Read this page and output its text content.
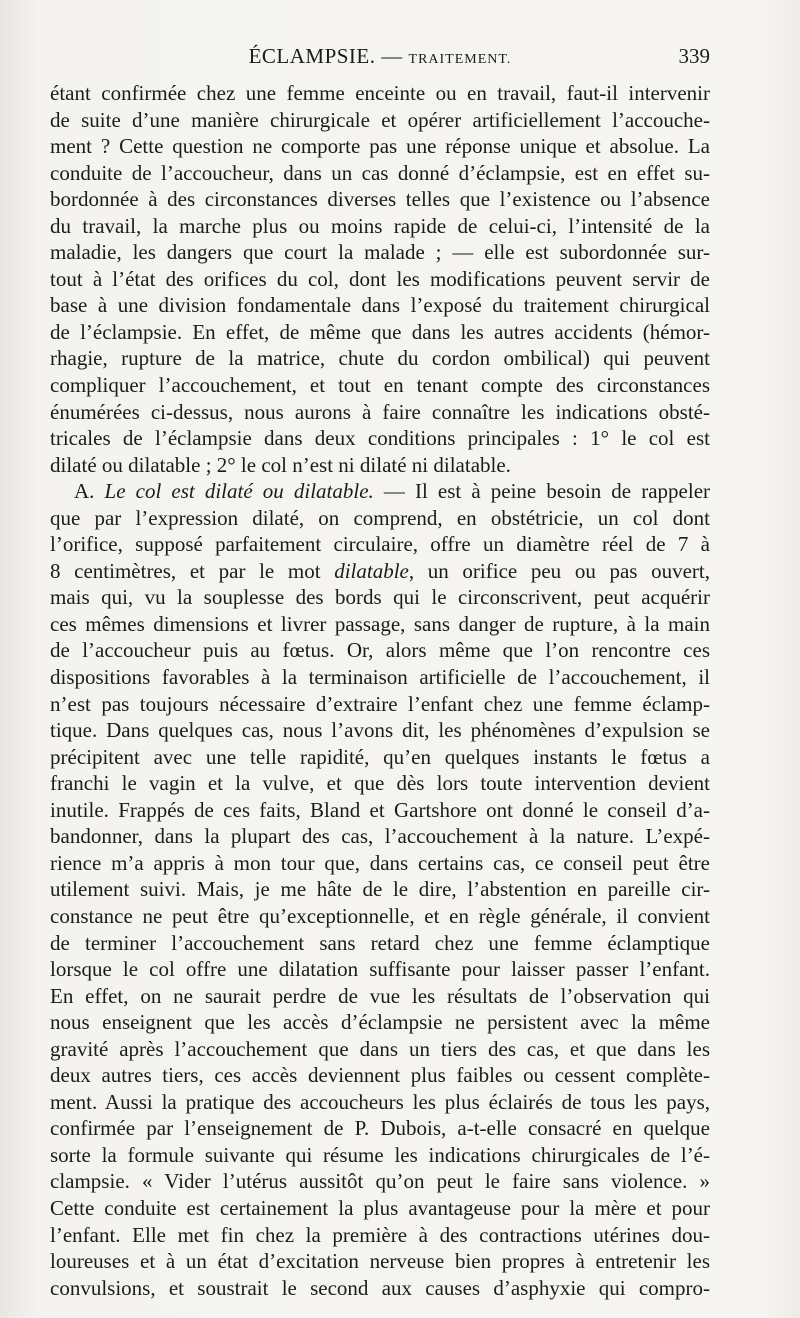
ÉCLAMPSIE. — TRAITEMENT.	339
étant confirmée chez une femme enceinte ou en travail, faut-il intervenir
de suite d’une manière chirurgicale et opérer artificiellement l’accouche-
ment ? Cette question ne comporte pas une réponse unique et absolue. La
conduite de l’accoucheur, dans un cas donné d’éclampsie, est en effet su-
bordonnée à des circonstances diverses telles que l’existence ou l’absence
du travail, la marche plus ou moins rapide de celui-ci, l’intensité de la
maladie, les dangers que court la malade ; — elle est subordonnée sur-
tout à l’état des orifices du col, dont les modifications peuvent servir de
base à une division fondamentale dans l’exposé du traitement chirurgical
de l’éclampsie. En effet, de même que dans les autres accidents (hémor-
rhagie, rupture de la matrice, chute du cordon ombilical) qui peuvent
compliquer l’accouchement, et tout en tenant compte des circonstances
énumérées ci-dessus, nous aurons à faire connaître les indications obsté-
tricales de l’éclampsie dans deux conditions principales : 1° le col est
dilaté ou dilatable ; 2° le col n’est ni dilaté ni dilatable.
A. Le col est dilaté ou dilatable. — Il est à peine besoin de rappeler
que par l’expression dilaté, on comprend, en obstétricie, un col dont
l’orifice, supposé parfaitement circulaire, offre un diamètre réel de 7 à
8 centimètres, et par le mot dilatable, un orifice peu ou pas ouvert,
mais qui, vu la souplesse des bords qui le circonscrivent, peut acquérir
ces mêmes dimensions et livrer passage, sans danger de rupture, à la main
de l’accoucheur puis au fœtus. Or, alors même que l’on rencontre ces
dispositions favorables à la terminaison artificielle de l’accouchement, il
n’est pas toujours nécessaire d’extraire l’enfant chez une femme éclamp-
tique. Dans quelques cas, nous l’avons dit, les phénomènes d’expulsion se
précipitent avec une telle rapidité, qu’en quelques instants le fœtus a
franchi le vagin et la vulve, et que dès lors toute intervention devient
inutile. Frappés de ces faits, Bland et Gartshore ont donné le conseil d’a-
bandonner, dans la plupart des cas, l’accouchement à la nature. L’expé-
rience m’a appris à mon tour que, dans certains cas, ce conseil peut être
utilement suivi. Mais, je me hâte de le dire, l’abstention en pareille cir-
constance ne peut être qu’exceptionnelle, et en règle générale, il convient
de terminer l’accouchement sans retard chez une femme éclamptique
lorsque le col offre une dilatation suffisante pour laisser passer l’enfant.
En effet, on ne saurait perdre de vue les résultats de l’observation qui
nous enseignent que les accès d’éclampsie ne persistent avec la même
gravité après l’accouchement que dans un tiers des cas, et que dans les
deux autres tiers, ces accès deviennent plus faibles ou cessent complète-
ment. Aussi la pratique des accoucheurs les plus éclairés de tous les pays,
confirmée par l’enseignement de P. Dubois, a-t-elle consacré en quelque
sorte la formule suivante qui résume les indications chirurgicales de l’é-
clampsie. « Vider l’utérus aussitôt qu’on peut le faire sans violence. »
Cette conduite est certainement la plus avantageuse pour la mère et pour
l’enfant. Elle met fin chez la première à des contractions utérines dou-
loureuses et à un état d’excitation nerveuse bien propres à entretenir les
convulsions, et soustrait le second aux causes d’asphyxie qui compro-
